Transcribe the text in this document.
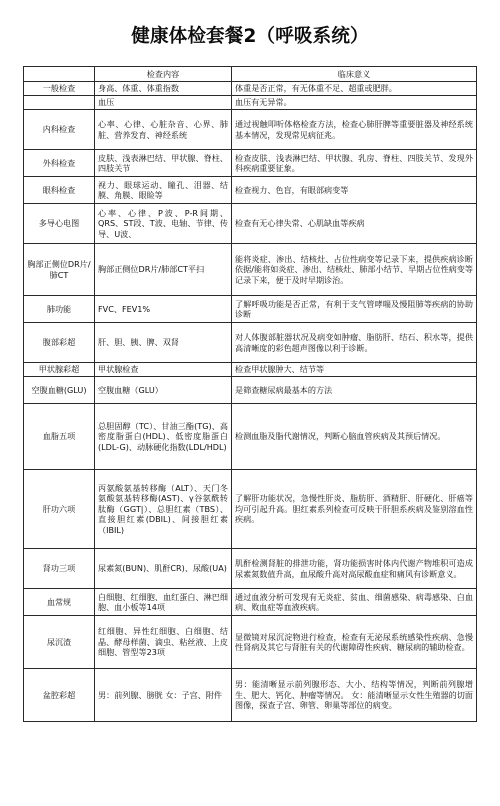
健康体检套餐2（呼吸系统）
	检查内容	临床意义
一般检查	身高、体重、体重指数	体重是否正常，有无体重不足、超重或肥胖。
	血压	血压有无异常。
内科检查	心率、心律、心脏杂音、心界、肺脏、营养发育、神经系统	通过视触叩听体格检查方法，检查心肺肝脾等重要脏器及神经系统基本情况，发现常见病征兆。
外科检查	皮肤、浅表淋巴结、甲状腺、脊柱、四肢关节	检查皮肤、浅表淋巴结、甲状腺、乳房、脊柱、四肢关节、发现外科疾病重要征象。
眼科检查	视力、眼球运动、瞳孔、泪器、结膜、角膜、眼睑等	检查视力、色盲，有眼部病变等
多导心电图	心率、心律、P波、P-R间期、QRS、ST段、T波、电轴、节律、传导、U波、	检查有无心律失常、心肌缺血等疾病
胸部正侧位DR片/肺CT	胸部正侧位DR片/肺部CT平扫	能将炎症、渗出、结核灶、占位性病变等记录下来，提供疾病诊断依据/能将如炎症、渗出、结核灶、肺部小结节、早期占位性病变等记录下来，便于及时早期诊治。
肺功能	FVC、FEV1%	了解呼吸功能是否正常，有利于支气管哮喘及慢阻肺等疾病的协助诊断
腹部彩超	肝、胆、胰、脾、双肾	对人体腹部脏器状况及病变如肿瘤、脂肪肝、结石、积水等，提供高清晰度的彩色超声图像以利于诊断。
甲状腺彩超	甲状腺检查	检查甲状腺肿大、结节等
空腹血糖(GLU)	空腹血糖（GLU）	是筛查糖尿病最基本的方法
血脂五项	总胆固醇（TC）、甘油三酯(TG)、高密度脂蛋白(HDL)、低密度脂蛋白(LDL-G)、动脉硬化指数(LDL/HDL)	检测血脂及脂代谢情况，判断心脑血管疾病及其预后情况。
肝功六项	丙氨酸氨基转移酶（ALT）、天门冬氨酸氨基转移酶(AST)、γ谷氨酰转肽酶（GGT|）、总胆红素（TBS）、直接胆红素(DBIL)、间接胆红素（IBIL)	了解肝功能状况，急慢性肝炎、脂肪肝、酒精肝、肝硬化、肝癌等均可引起升高。胆红素系列检查可反映于肝胆系疾病及鉴别溶血性疾病。
肾功三项	尿素氮(BUN)、肌酐CR)、尿酸(UA)	肌酐检测肾脏的排泄功能，肾功能损害时体内代谢产物堆积可造成尿素氮数值升高，血尿酸升高对高尿酸血症和痛风有诊断意义。
血常规	白细胞、红细胞、血红蛋白、淋巴细胞、血小板等14项	通过血液分析可发现有无炎症、贫血、细菌感染、病毒感染、白血病、败血症等血液疾病。
尿沉渣	红细胞、异性红细胞、白细胞、结晶、酵母样菌、滴虫、粘丝液、上皮细胞、管型等23项	显微镜对尿沉淀物进行检查，检查有无泌尿系统感染性疾病、急慢性肾病及其它与肾脏有关的代谢障碍性疾病、糖尿病的辅助检查。
盆腔彩超	男：前列腺、膀胱 女：子宫、附件	男：能清晰显示前列腺形态、大小、结构等情况，判断前列腺增生、肥大、钙化、肿瘤等情况。 女：能清晰显示女性生殖器的切面图像，探查子宫、卵管、卵巢等部位的病变。
